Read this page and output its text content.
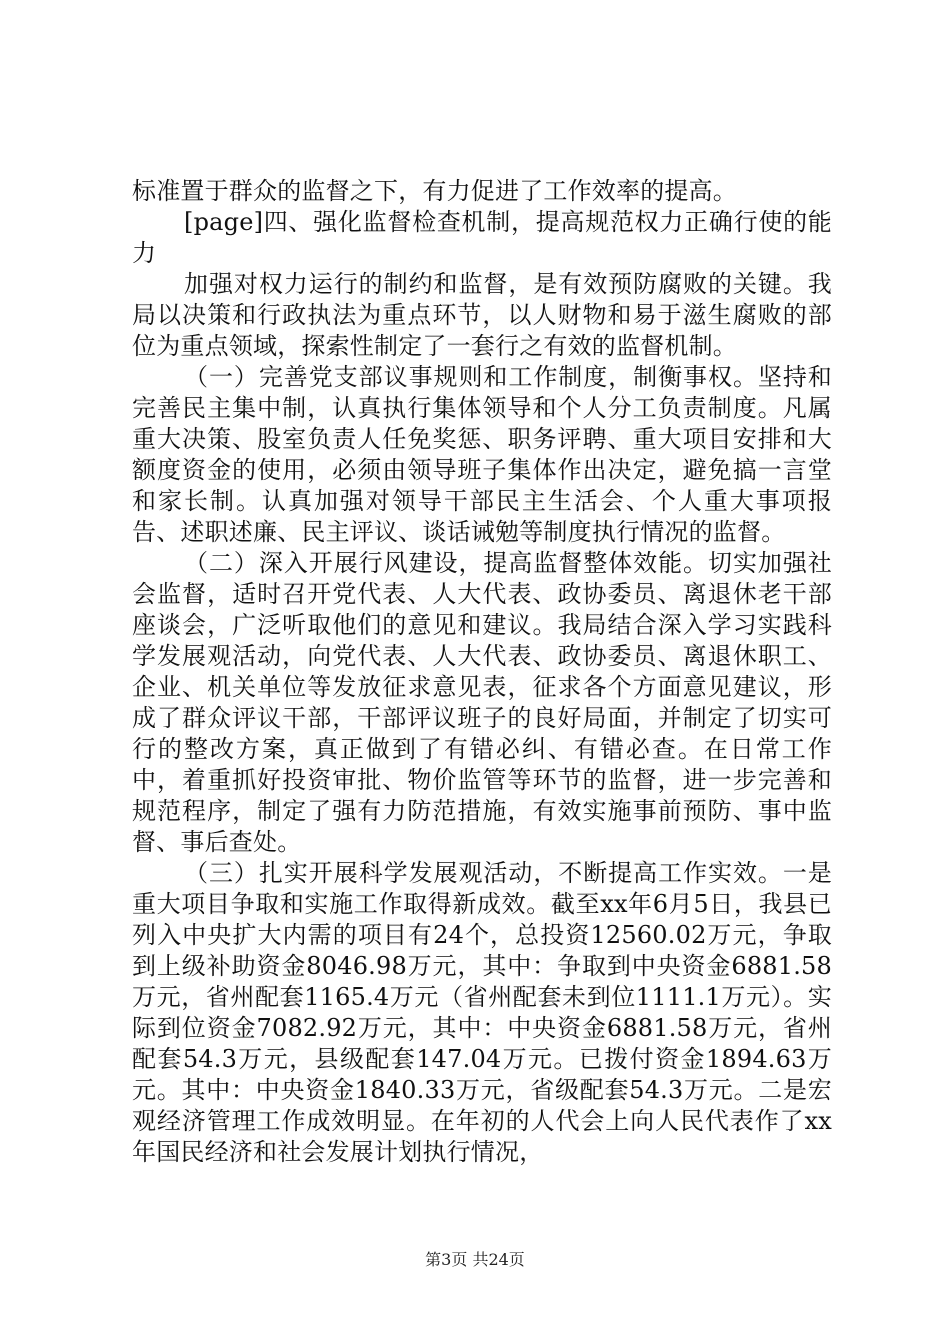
标准置于群众的监督之下，有力促进了工作效率的提高。

[page]四、强化监督检查机制，提高规范权力正确行使的能力

加强对权力运行的制约和监督，是有效预防腐败的关键。我局以决策和行政执法为重点环节，以人财物和易于滋生腐败的部位为重点领域，探索性制定了一套行之有效的监督机制。

（一）完善党支部议事规则和工作制度，制衡事权。坚持和完善民主集中制，认真执行集体领导和个人分工负责制度。凡属重大决策、股室负责人任免奖惩、职务评聘、重大项目安排和大额度资金的使用，必须由领导班子集体作出决定，避免搞一言堂和家长制。认真加强对领导干部民主生活会、个人重大事项报告、述职述廉、民主评议、谈话诫勉等制度执行情况的监督。

（二）深入开展行风建设，提高监督整体效能。切实加强社会监督，适时召开党代表、人大代表、政协委员、离退休老干部座谈会，广泛听取他们的意见和建议。我局结合深入学习实践科学发展观活动，向党代表、人大代表、政协委员、离退休职工、企业、机关单位等发放征求意见表，征求各个方面意见建议，形成了群众评议干部，干部评议班子的良好局面，并制定了切实可行的整改方案，真正做到了有错必纠、有错必查。在日常工作中，着重抓好投资审批、物价监管等环节的监督，进一步完善和规范程序，制定了强有力防范措施，有效实施事前预防、事中监督、事后查处。

（三）扎实开展科学发展观活动，不断提高工作实效。一是重大项目争取和实施工作取得新成效。截至xx年6月5日，我县已列入中央扩大内需的项目有24个，总投资12560.02万元，争取到上级补助资金8046.98万元，其中：争取到中央资金6881.58万元，省州配套1165.4万元（省州配套未到位1111.1万元）。实际到位资金7082.92万元，其中：中央资金6881.58万元，省州配套54.3万元，县级配套147.04万元。已拨付资金1894.63万元。其中：中央资金1840.33万元，省级配套54.3万元。二是宏观经济管理工作成效明显。在年初的人代会上向人民代表作了xx年国民经济和社会发展计划执行情况，

第3页 共24页
